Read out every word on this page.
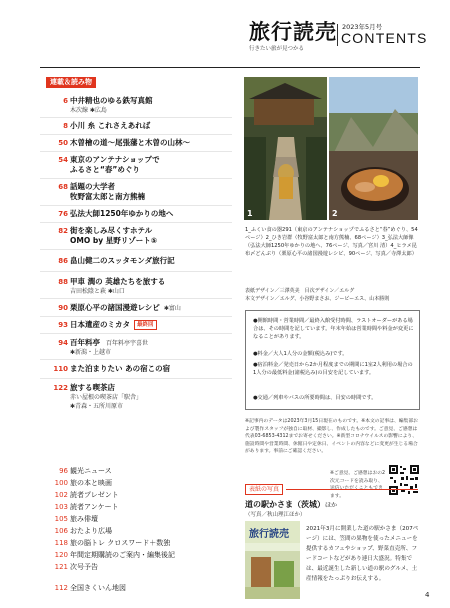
旅行読売
行きたい旅が見つかる
2023年5月号
CONTENTS
連載＆読み物
6 中井精也のゆる鉄写真館
木次線 ✱広島
8 小川 糸 これさえあれば
50 木曽檜の道～尾張藩と木曽の山林～
54 東京のアンテナショップで
ふるさと“春”めぐり
68 話題の大学者
牧野富太郎と南方熊楠
76 弘法大師1250年ゆかりの地へ
82 街を楽しみ尽くすホテル
OMO by 星野リゾート⑤
86 畠山健二のスッタモンダ旅行記
88 甲車 潤の 英雄たちを旅する
吉田松陰と萩 ✱山口
90 栗原心平の諸国漫遊レシピ ✱富山
93 日本遺産のミカタ 最終回
94 百年料亭 百年料亭宇喜世
✱新潟・上越市
110 また泊まりたい あの宿この宿
122 旅する喫茶店
赤い屋根の喫茶店「駅舎」
✱青森・五所川原市
96 観光ニュース
100 旅の本と映画
102 読者プレゼント
103 読者アンケート
105 旅み俳壇
106 おたより広場
118 旅の脳トレ クロスワード＋数独
120 年間定期購読のご案内・編集後記
121 次号予告
112 全国きくいん地図
1	2
1_ふくい食の器291（東京のアンテナショップでふるさと“春”めぐり、54ページ）2_ひき岩群（牧野富太郎と南方熊楠、68ページ）3_弘法大師像（弘法大師1250年ゆかりの地へ、76ページ、写真／宮川 清）4_ヒラメ昆布〆どんぶり（栗原心平の諸国漫遊レシピ、90ページ、写真／寺澤太郎）
表紙デザイン／三澤英美　目次デザイン／エルグ
本文デザイン／エルグ、小谷野まさお、ジービーエス、山本勝則
●開館時間・営業時間／最終入館受付時間、ラストオーダーがある場合は、その時間を記しています。年末年始は営業時間や料金が変更になることがあります。
●料金／大人1人分の金額(税込み)です。
●宿泊料金／発売日から2か月程度までの期間に1室2人利用の場合の1人分の最低料金(諸税込み)の目安を記しています。
●交通／列車やバスの所要時間は、目安の時間です。
※記事内のデータは2023年3月15日現在のものです。※本文の記事は、編集部および製作スタッフが独自に取材、撮影し、作成したものです。ご意見、ご感想は代表03-6853-4312までお寄せください。※新型コロナウイルスの影響により、施設時間や営業時間、休館日や定休日、イベントの内容などに変更が生じる場合があります。事前にご確認ください。
※ご意見、ご感想はおの2次元コードを読み取り、送信いただくこともできます。
表紙の写真
道の駅かさま（茨城）ほか
（写真／秋山理江ほか）
旅行読売	2021年3月に開業した道の駅かさま（207ページ）には、笠間の果物を使ったメニューを提供するカフェやショップ、野菜直売所、フードコートなどがあり連日大盛況。特集では、最近誕生した新しい道の駅のグルメ、土産情報をたっぷりお伝えする。
4
